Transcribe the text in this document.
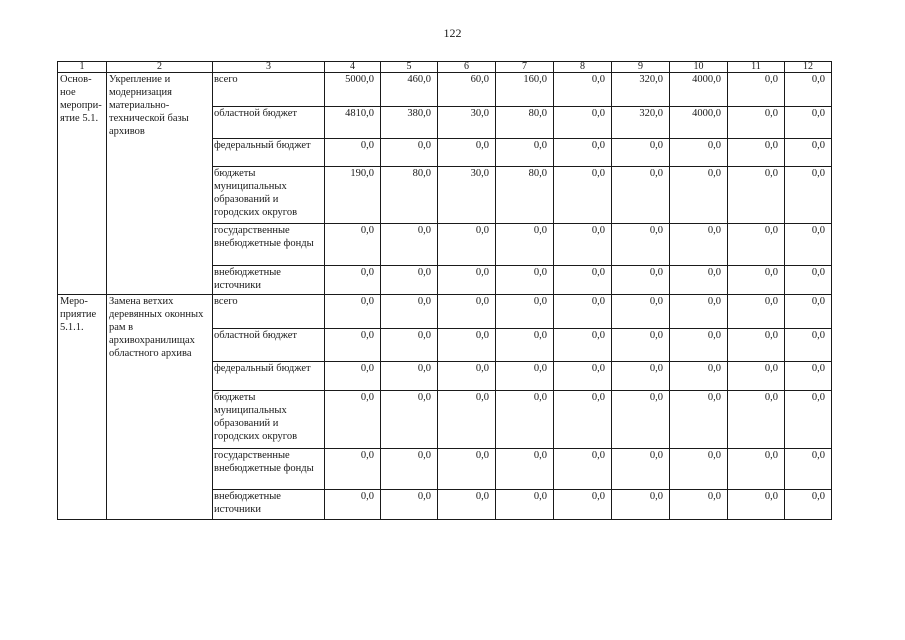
122
1	2	3	4	5	6	7	8	9	10	11	12
Основ-ное меропри-ятие 5.1.	Укрепление и модернизация материально-технической базы архивов	всего	5000,0	460,0	60,0	160,0	0,0	320,0	4000,0	0,0	0,0
		областной бюджет	4810,0	380,0	30,0	80,0	0,0	320,0	4000,0	0,0	0,0
		федеральный бюджет	0,0	0,0	0,0	0,0	0,0	0,0	0,0	0,0	0,0
		бюджеты муниципальных образований и городских округов	190,0	80,0	30,0	80,0	0,0	0,0	0,0	0,0	0,0
		государственные внебюджетные фонды	0,0	0,0	0,0	0,0	0,0	0,0	0,0	0,0	0,0
		внебюджетные источники	0,0	0,0	0,0	0,0	0,0	0,0	0,0	0,0	0,0
Меро-приятие 5.1.1.	Замена ветхих деревянных оконных рам в архивохранилищах областного архива	всего	0,0	0,0	0,0	0,0	0,0	0,0	0,0	0,0	0,0
		областной бюджет	0,0	0,0	0,0	0,0	0,0	0,0	0,0	0,0	0,0
		федеральный бюджет	0,0	0,0	0,0	0,0	0,0	0,0	0,0	0,0	0,0
		бюджеты муниципальных образований и городских округов	0,0	0,0	0,0	0,0	0,0	0,0	0,0	0,0	0,0
		государственные внебюджетные фонды	0,0	0,0	0,0	0,0	0,0	0,0	0,0	0,0	0,0
		внебюджетные источники	0,0	0,0	0,0	0,0	0,0	0,0	0,0	0,0	0,0
